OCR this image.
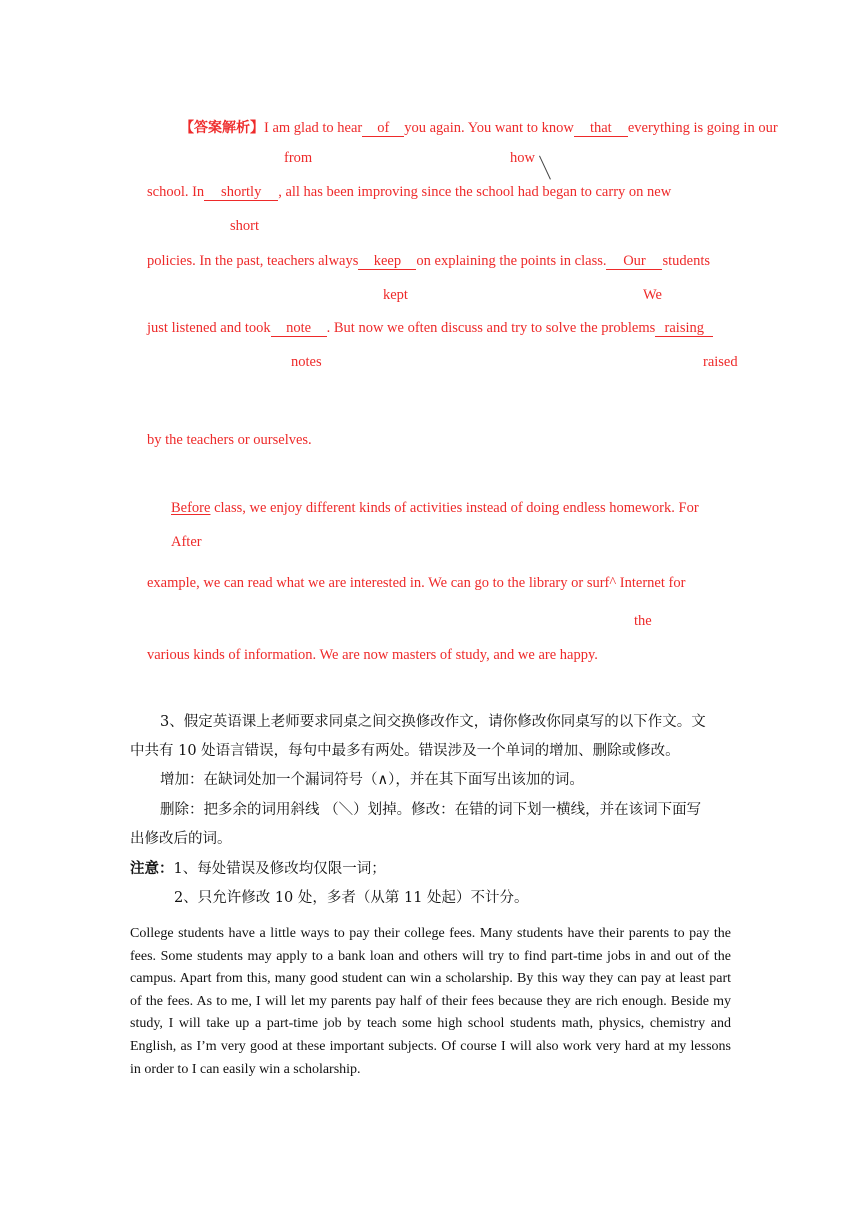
【答案解析】I am glad to hear of you again. You want to know that everything is going in our
from	how
school. In shortly , all has been improving since the school had began to carry on new
short
policies. In the past, teachers always keep on explaining the points in class. Our students
kept	We
just listened and took note . But now we often discuss and try to solve the problems raising
notes	raised
by the teachers or ourselves.
Before class, we enjoy different kinds of activities instead of doing endless homework. For
After
example, we can read what we are interested in. We can go to the library or surf^ Internet for
the
various kinds of information. We are now masters of study, and we are happy.
3、假定英语课上老师要求同桌之间交换修改作文，请你修改你同桌写的以下作文。文
中共有 10 处语言错误，每句中最多有两处。错误涉及一个单词的增加、删除或修改。
增加：在缺词处加一个漏词符号（∧），并在其下面写出该加的词。
删除：把多余的词用斜线 （＼）划掉。修改：在错的词下划一横线，并在该词下面写
出修改后的词。
注意：1、每处错误及修改均仅限一词；
2、只允许修改 10 处，多者（从第 11 处起）不计分。

College students have a little ways to pay their college fees. Many students have their parents to pay the fees. Some students may apply to a bank loan and others will try to find part-time jobs in and out of the campus. Apart from this, many good student can win a scholarship. By this way they can pay at least part of the fees. As to me, I will let my parents pay half of their fees because they are rich enough. Beside my study, I will take up a part-time job by teach some high school students math, physics, chemistry and English, as I’m very good at these important subjects. Of course I will also work very hard at my lessons in order to I can easily win a scholarship.
